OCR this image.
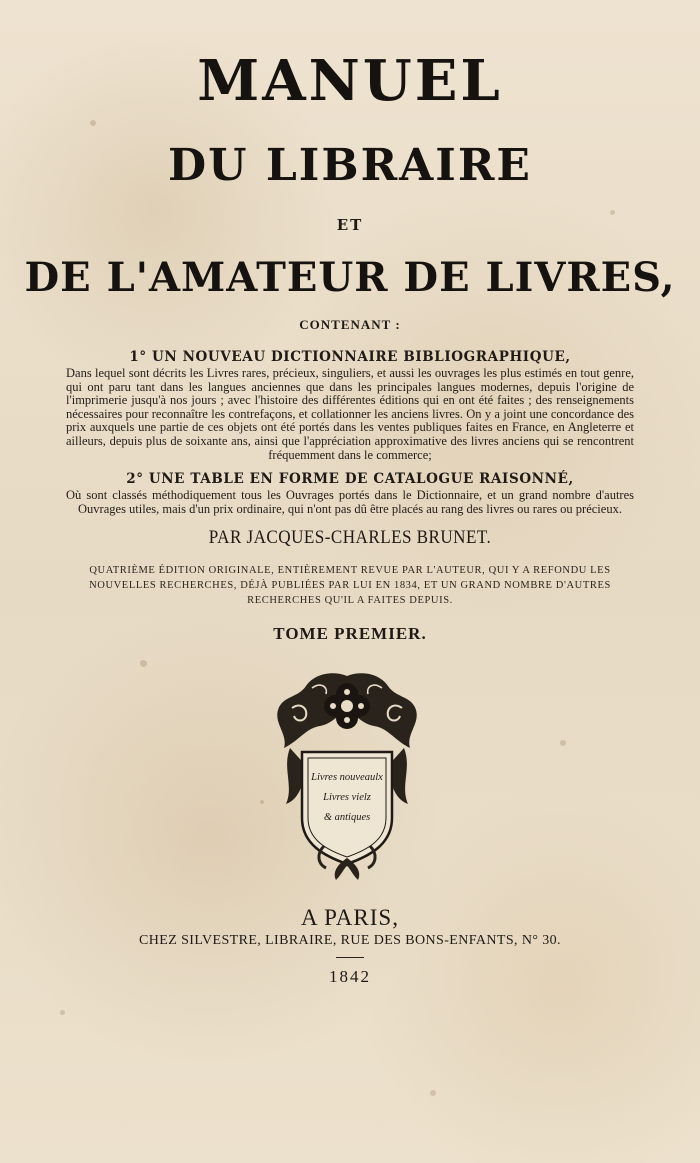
MANUEL
DU LIBRAIRE
ET
DE L'AMATEUR DE LIVRES,
CONTENANT :
1° UN NOUVEAU DICTIONNAIRE BIBLIOGRAPHIQUE,
Dans lequel sont décrits les Livres rares, précieux, singuliers, et aussi les ouvrages les plus estimés en tout genre, qui ont paru tant dans les langues anciennes que dans les principales langues modernes, depuis l'origine de l'imprimerie jusqu'à nos jours ; avec l'histoire des différentes éditions qui en ont été faites ; des renseignements nécessaires pour reconnaître les contrefaçons, et collationner les anciens livres. On y a joint une concordance des prix auxquels une partie de ces objets ont été portés dans les ventes publiques faites en France, en Angleterre et ailleurs, depuis plus de soixante ans, ainsi que l'appréciation approximative des livres anciens qui se rencontrent fréquemment dans le commerce;
2° UNE TABLE EN FORME DE CATALOGUE RAISONNÉ,
Où sont classés méthodiquement tous les Ouvrages portés dans le Dictionnaire, et un grand nombre d'autres Ouvrages utiles, mais d'un prix ordinaire, qui n'ont pas dû être placés au rang des livres ou rares ou précieux.
PAR JACQUES-CHARLES BRUNET.
QUATRIÈME ÉDITION ORIGINALE, ENTIÈREMENT REVUE PAR L'AUTEUR, QUI Y A REFONDU LES NOUVELLES RECHERCHES, DÉJÀ PUBLIÉES PAR LUI EN 1834, ET UN GRAND NOMBRE D'AUTRES RECHERCHES QU'IL A FAITES DEPUIS.
TOME PREMIER.
Livres nouveaulx
Livres vielz
& antiques
A PARIS,
CHEZ SILVESTRE, LIBRAIRE, RUE DES BONS-ENFANTS, N° 30.
1842
